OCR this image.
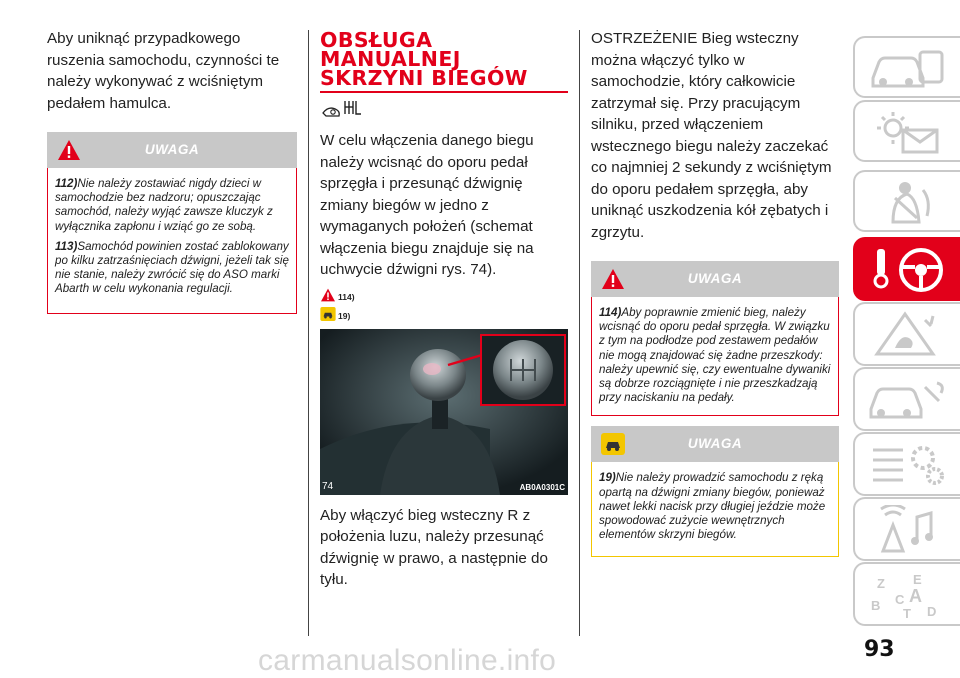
Aby uniknąć przypadkowego ruszenia samochodu, czynności te należy wykonywać z wciśniętym pedałem hamulca.

UWAGA

112)Nie należy zostawiać nigdy dzieci w samochodzie bez nadzoru; opuszczając samochód, należy wyjąć zawsze kluczyk z wyłącznika zapłonu i wziąć go ze sobą.

113)Samochód powinien zostać zablokowany po kilku zatrzaśnięciach dźwigni, jeżeli tak się nie stanie, należy zwrócić się do ASO marki Abarth w celu wykonania regulacji.

OBSŁUGA
MANUALNEJ
SKRZYNI BIEGÓW

W celu włączenia danego biegu należy wcisnąć do oporu pedał sprzęgła i przesunąć dźwignię zmiany biegów w jedno z wymaganych położeń (schemat włączenia biegu znajduje się na uchwycie dźwigni rys. 74).

114)
19)
74	AB0A0301C

Aby włączyć bieg wsteczny R z położenia luzu, należy przesunąć dźwignię w prawo, a następnie do tyłu.

OSTRZEŻENIE Bieg wsteczny można włączyć tylko w samochodzie, który całkowicie zatrzymał się. Przy pracującym silniku, przed włączeniem wstecznego biegu należy zaczekać co najmniej 2 sekundy z wciśniętym do oporu pedałem sprzęgła, aby uniknąć uszkodzenia kół zębatych i zgrzytu.

UWAGA

114)Aby poprawnie zmienić bieg, należy wcisnąć do oporu pedał sprzęgła. W związku z tym na podłodze pod zestawem pedałów nie mogą znajdować się żadne przeszkody: należy upewnić się, czy ewentualne dywaniki są dobrze rozciągnięte i nie przeszkadzają przy naciskaniu na pedały.

UWAGA

19)Nie należy prowadzić samochodu z ręką opartą na dźwigni zmiany biegów, ponieważ nawet lekki nacisk przy długiej jeździe może spowodować zużycie wewnętrznych elementów skrzyni biegów.

Z E
B C A
T D
93
carmanualsonline.info
